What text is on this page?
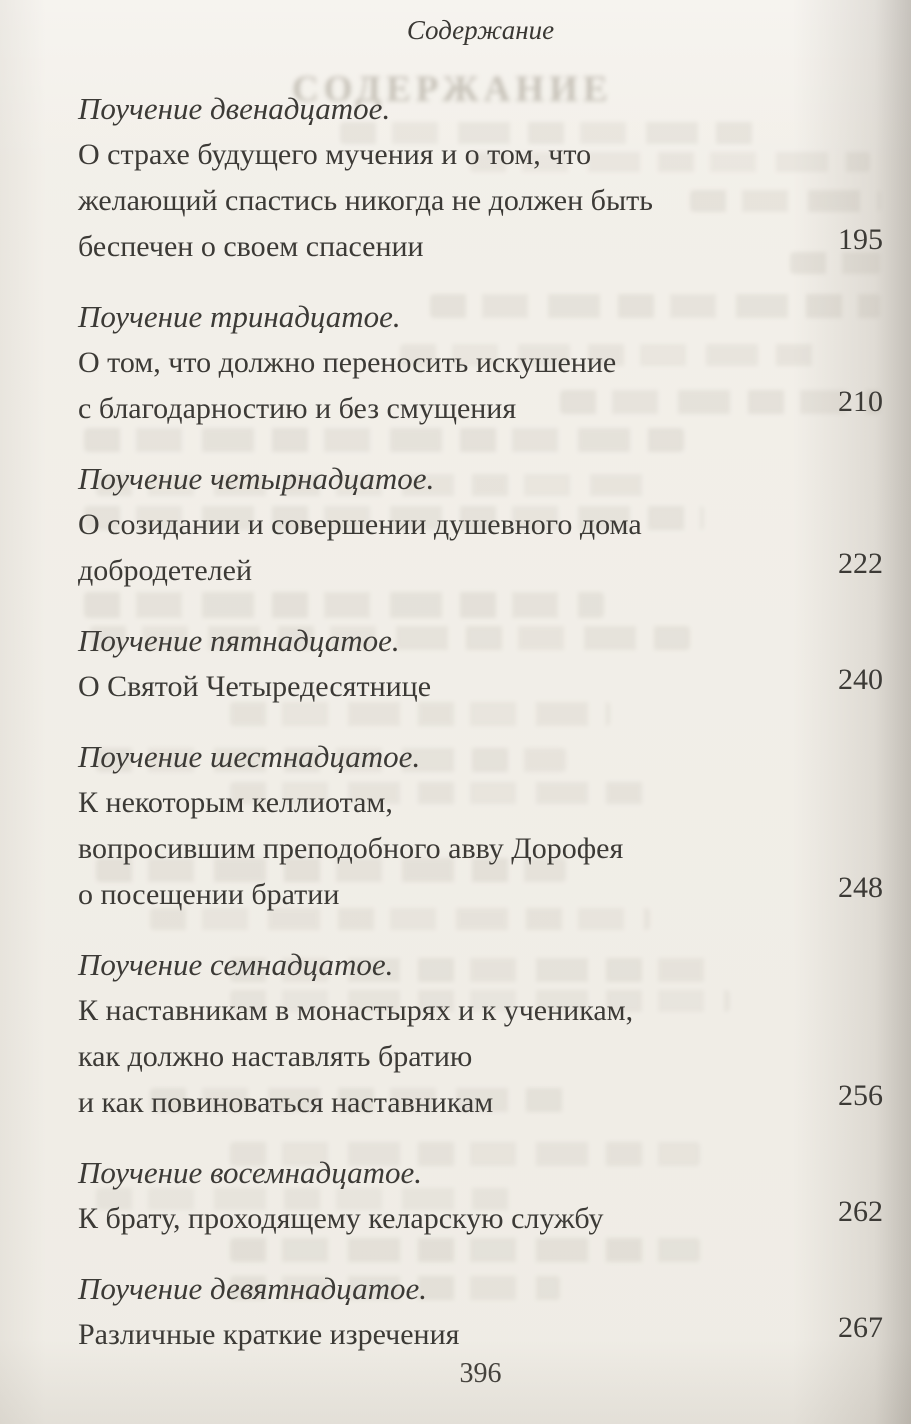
СОДЕРЖАНИЕ
Содержание
Поучение двенадцатое.
О страхе будущего мучения и о том, что
желающий спастись никогда не должен быть
беспечен о своем спасении	195
Поучение тринадцатое.
О том, что должно переносить искушение
с благодарностию и без смущения	210
Поучение четырнадцатое.
О созидании и совершении душевного дома
добродетелей	222
Поучение пятнадцатое.
О Святой Четыредесятнице	240
Поучение шестнадцатое.
К некоторым келлиотам,
вопросившим преподобного авву Дорофея
о посещении братии	248
Поучение семнадцатое.
К наставникам в монастырях и к ученикам,
как должно наставлять братию
и как повиноваться наставникам	256
Поучение восемнадцатое.
К брату, проходящему келарскую службу	262
Поучение девятнадцатое.
Различные краткие изречения	267
396
